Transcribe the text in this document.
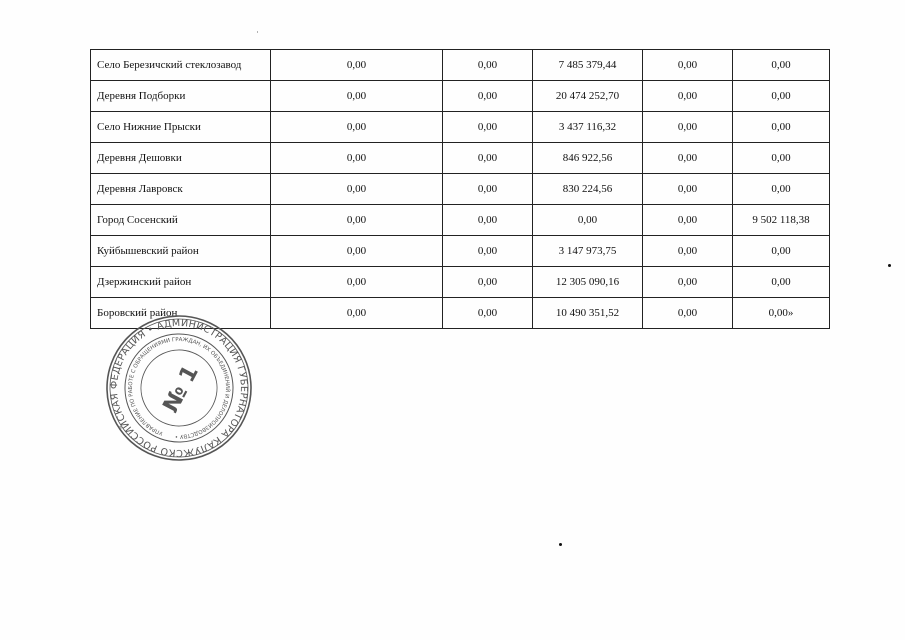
Село Березичский стеклозавод	0,00	0,00	7 485 379,44	0,00	0,00
Деревня Подборки	0,00	0,00	20 474 252,70	0,00	0,00
Село Нижние Прыски	0,00	0,00	3 437 116,32	0,00	0,00
Деревня Дешовки	0,00	0,00	846 922,56	0,00	0,00
Деревня Лавровск	0,00	0,00	830 224,56	0,00	0,00
Город Сосенский	0,00	0,00	0,00	0,00	9 502 118,38
Куйбышевский район	0,00	0,00	3 147 973,75	0,00	0,00
Дзержинский район	0,00	0,00	12 305 090,16	0,00	0,00
Боровский район	0,00	0,00	10 490 351,52	0,00	0,00»
РОССИЙСКАЯ ФЕДЕРАЦИЯ • АДМИНИСТРАЦИЯ ГУБЕРНАТОРА КАЛУЖСКОЙ	УПРАВЛЕНИЕ ПО РАБОТЕ С ОБРАЩЕНИЯМИ ГРАЖДАН, ИХ ОБЪЕДИНЕНИЙ И ДЕЛОПРОИЗВОДСТВУ •
№ 1
